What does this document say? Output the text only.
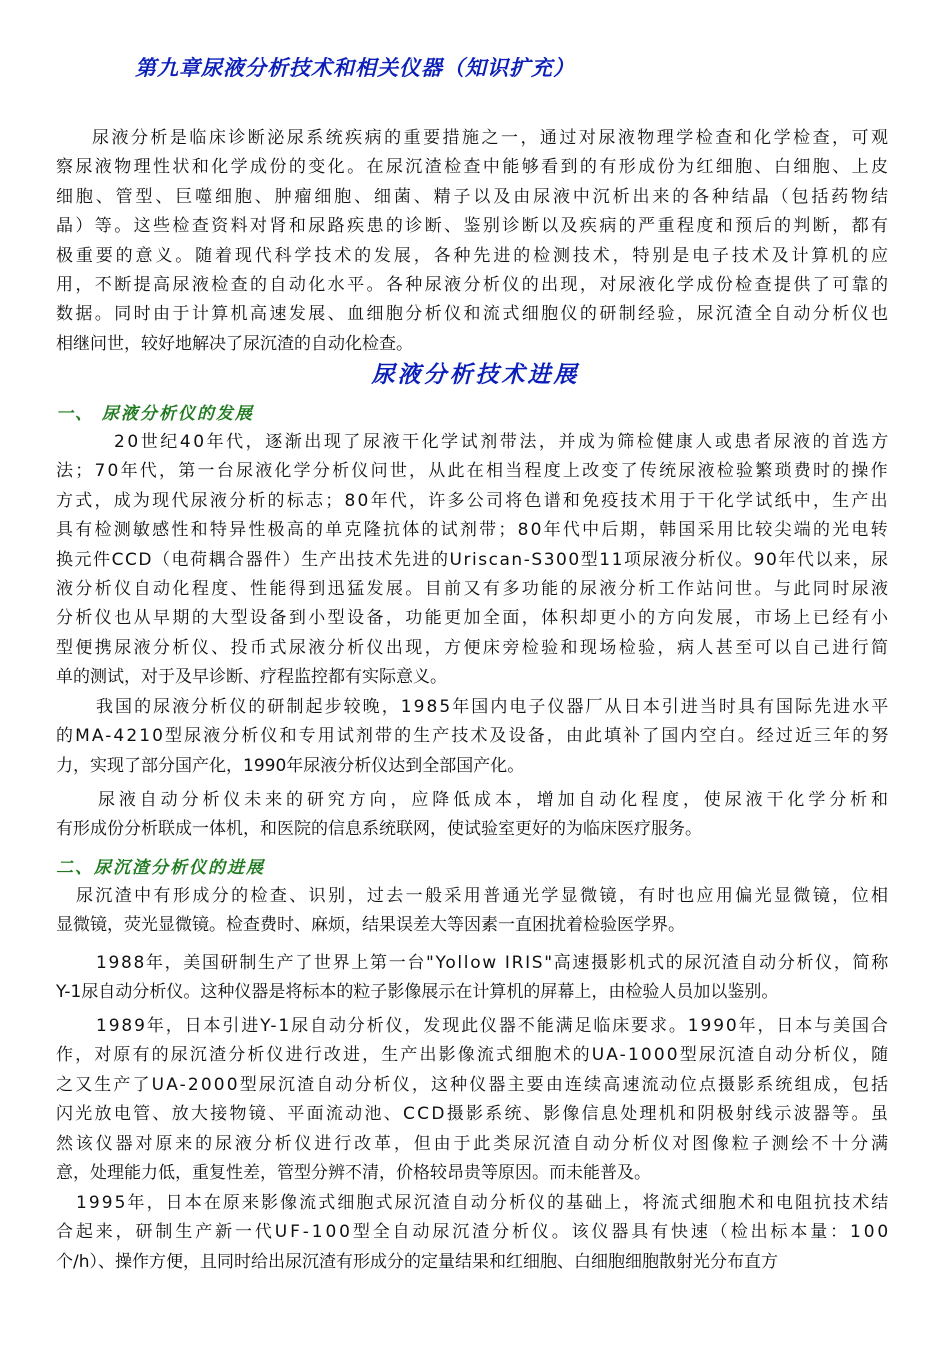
第九章尿液分析技术和相关仪器（知识扩充）
尿液分析是临床诊断泌尿系统疾病的重要措施之一，通过对尿液物理学检查和化学检查，可观
察尿液物理性状和化学成份的变化。在尿沉渣检查中能够看到的有形成份为红细胞、白细胞、上皮
细胞、管型、巨噬细胞、肿瘤细胞、细菌、精子以及由尿液中沉析出来的各种结晶（包括药物结
晶）等。这些检查资料对肾和尿路疾患的诊断、鉴别诊断以及疾病的严重程度和预后的判断，都有
极重要的意义。随着现代科学技术的发展，各种先进的检测技术，特别是电子技术及计算机的应
用，不断提高尿液检查的自动化水平。各种尿液分析仪的出现，对尿液化学成份检查提供了可靠的
数据。同时由于计算机高速发展、血细胞分析仪和流式细胞仪的研制经验，尿沉渣全自动分析仪也
相继问世，较好地解决了尿沉渣的自动化检查。
尿液分析技术进展
一、 尿液分析仪的发展
20世纪40年代，逐渐出现了尿液干化学试剂带法，并成为筛检健康人或患者尿液的首选方
法；70年代，第一台尿液化学分析仪问世，从此在相当程度上改变了传统尿液检验繁琐费时的操作
方式，成为现代尿液分析的标志；80年代，许多公司将色谱和免疫技术用于干化学试纸中，生产出
具有检测敏感性和特异性极高的单克隆抗体的试剂带；80年代中后期，韩国采用比较尖端的光电转
换元件CCD（电荷耦合器件）生产出技术先进的Uriscan-S300型11项尿液分析仪。90年代以来，尿
液分析仪自动化程度、性能得到迅猛发展。目前又有多功能的尿液分析工作站问世。与此同时尿液
分析仪也从早期的大型设备到小型设备，功能更加全面，体积却更小的方向发展，市场上已经有小
型便携尿液分析仪、投币式尿液分析仪出现，方便床旁检验和现场检验，病人甚至可以自己进行简
单的测试，对于及早诊断、疗程监控都有实际意义。
我国的尿液分析仪的研制起步较晚，1985年国内电子仪器厂从日本引进当时具有国际先进水平
的MA-4210型尿液分析仪和专用试剂带的生产技术及设备，由此填补了国内空白。经过近三年的努
力，实现了部分国产化，1990年尿液分析仪达到全部国产化。
尿液自动分析仪未来的研究方向，应降低成本，增加自动化程度，使尿液干化学分析和
有形成份分析联成一体机，和医院的信息系统联网，使试验室更好的为临床医疗服务。
二、尿沉渣分析仪的进展
尿沉渣中有形成分的检查、识别，过去一般采用普通光学显微镜，有时也应用偏光显微镜，位相
显微镜，荧光显微镜。检查费时、麻烦，结果误差大等因素一直困扰着检验医学界。
1988年，美国研制生产了世界上第一台"Yollow IRIS"高速摄影机式的尿沉渣自动分析仪，简称
Y-1尿自动分析仪。这种仪器是将标本的粒子影像展示在计算机的屏幕上，由检验人员加以鉴别。
1989年，日本引进Y-1尿自动分析仪，发现此仪器不能满足临床要求。1990年，日本与美国合
作，对原有的尿沉渣分析仪进行改进，生产出影像流式细胞术的UA-1000型尿沉渣自动分析仪，随
之又生产了UA-2000型尿沉渣自动分析仪，这种仪器主要由连续高速流动位点摄影系统组成，包括
闪光放电管、放大接物镜、平面流动池、CCD摄影系统、影像信息处理机和阴极射线示波器等。虽
然该仪器对原来的尿液分析仪进行改革，但由于此类尿沉渣自动分析仪对图像粒子测绘不十分满
意，处理能力低，重复性差，管型分辨不清，价格较昂贵等原因。而未能普及。
1995年，日本在原来影像流式细胞式尿沉渣自动分析仪的基础上，将流式细胞术和电阻抗技术结
合起来，研制生产新一代UF-100型全自动尿沉渣分析仪。该仪器具有快速（检出标本量：100
个/h）、操作方便，且同时给出尿沉渣有形成分的定量结果和红细胞、白细胞细胞散射光分布直方
